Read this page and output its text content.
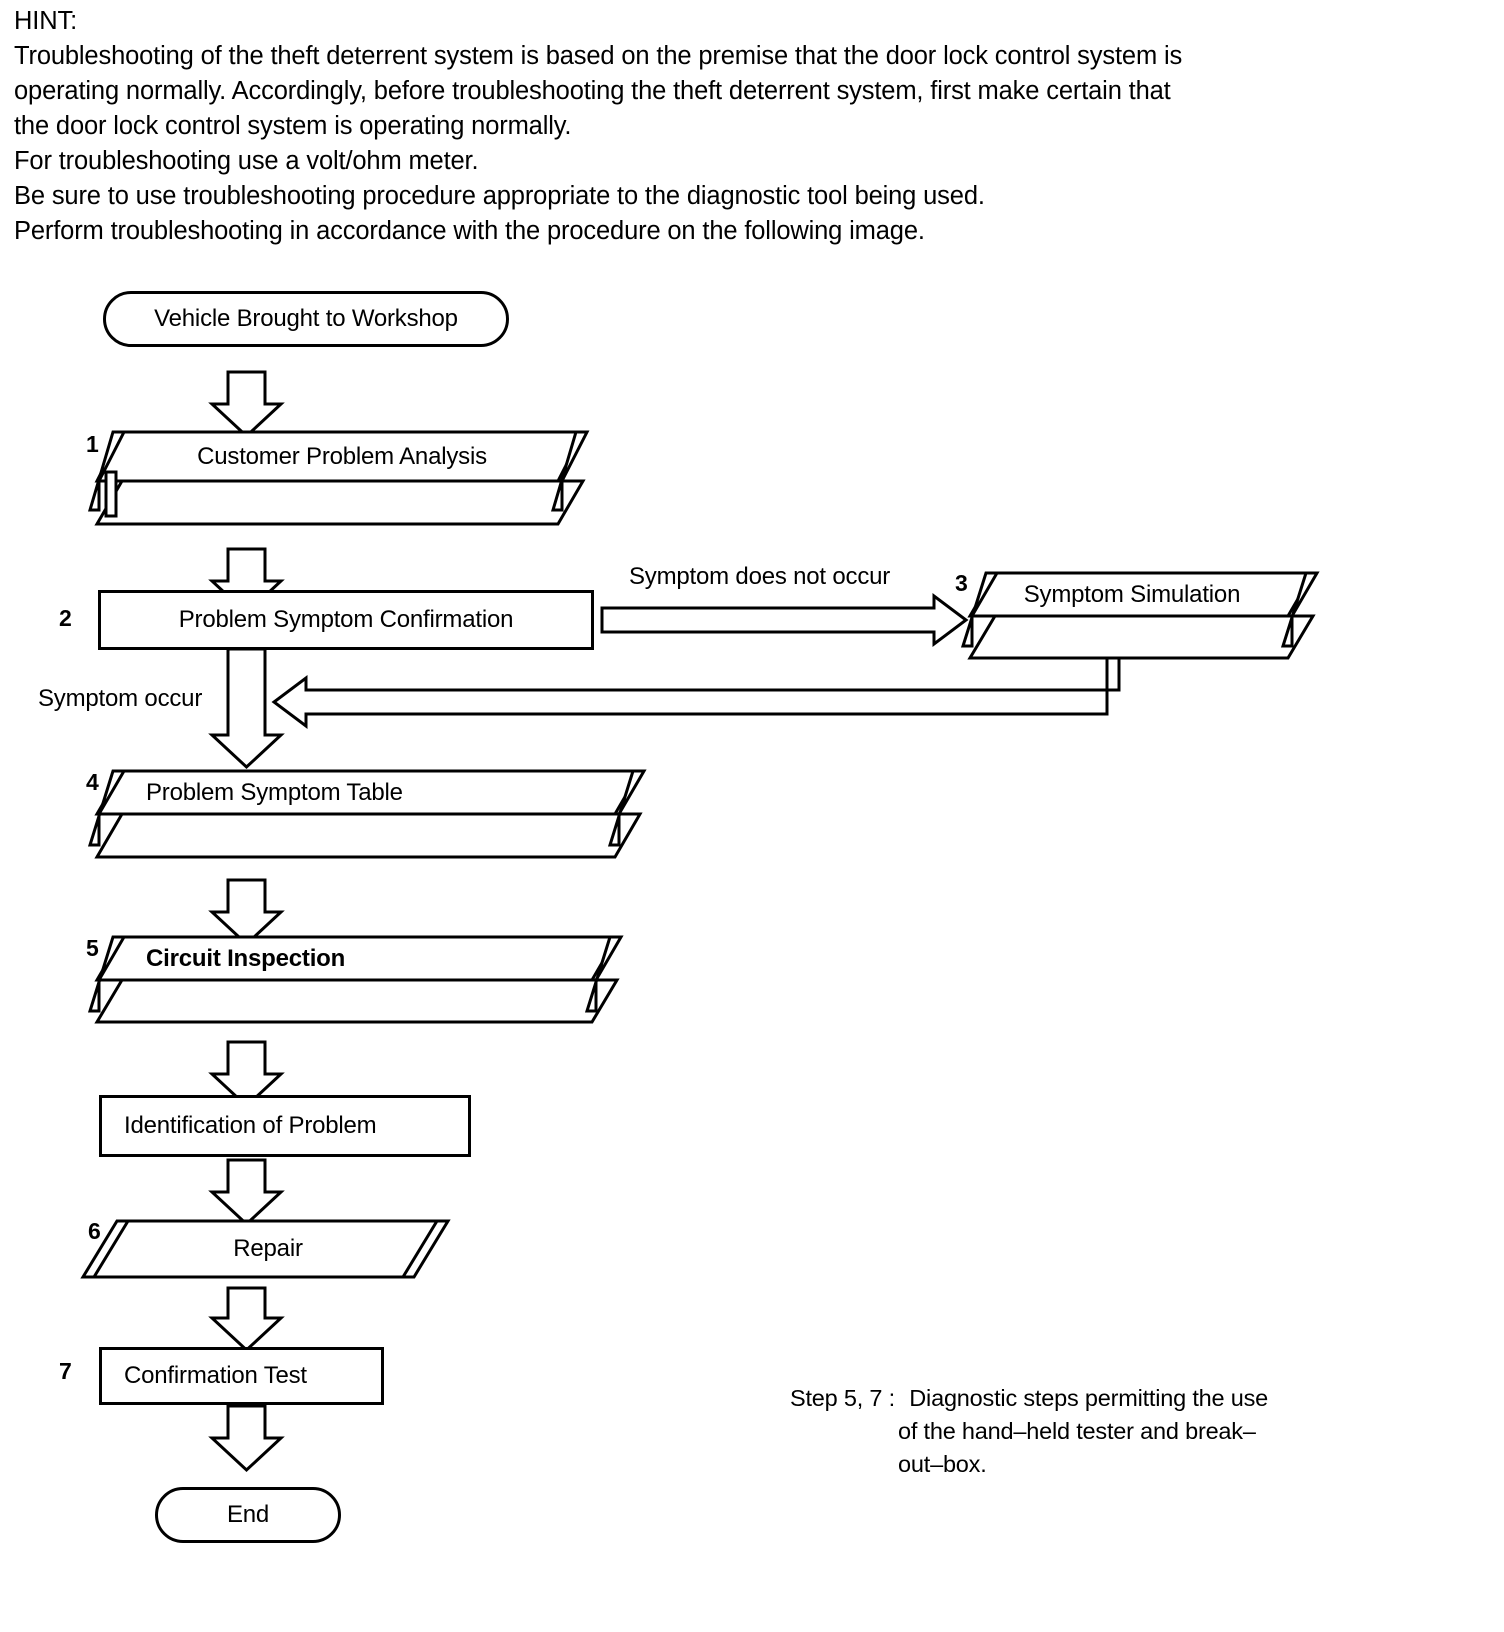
HINT:
Troubleshooting of the theft deterrent system is based on the premise that the door lock control system is
operating normally. Accordingly, before troubleshooting the theft deterrent system, first make certain that
the door lock control system is operating normally.
For troubleshooting use a volt/ohm meter.
Be sure to use troubleshooting procedure appropriate to the diagnostic tool being used.
Perform troubleshooting in accordance with the procedure on the following image.
Vehicle Brought to Workshop
1	Customer Problem Analysis
2	Problem Symptom Confirmation
3	Symptom Simulation
Symptom does not occur
Symptom occur
4	Problem Symptom Table
5	Circuit Inspection
Identification of Problem
6
Repair
7	Confirmation Test
End
Step 5, 7 : Diagnostic steps permitting the use
of the hand–held tester and break–
out–box.
